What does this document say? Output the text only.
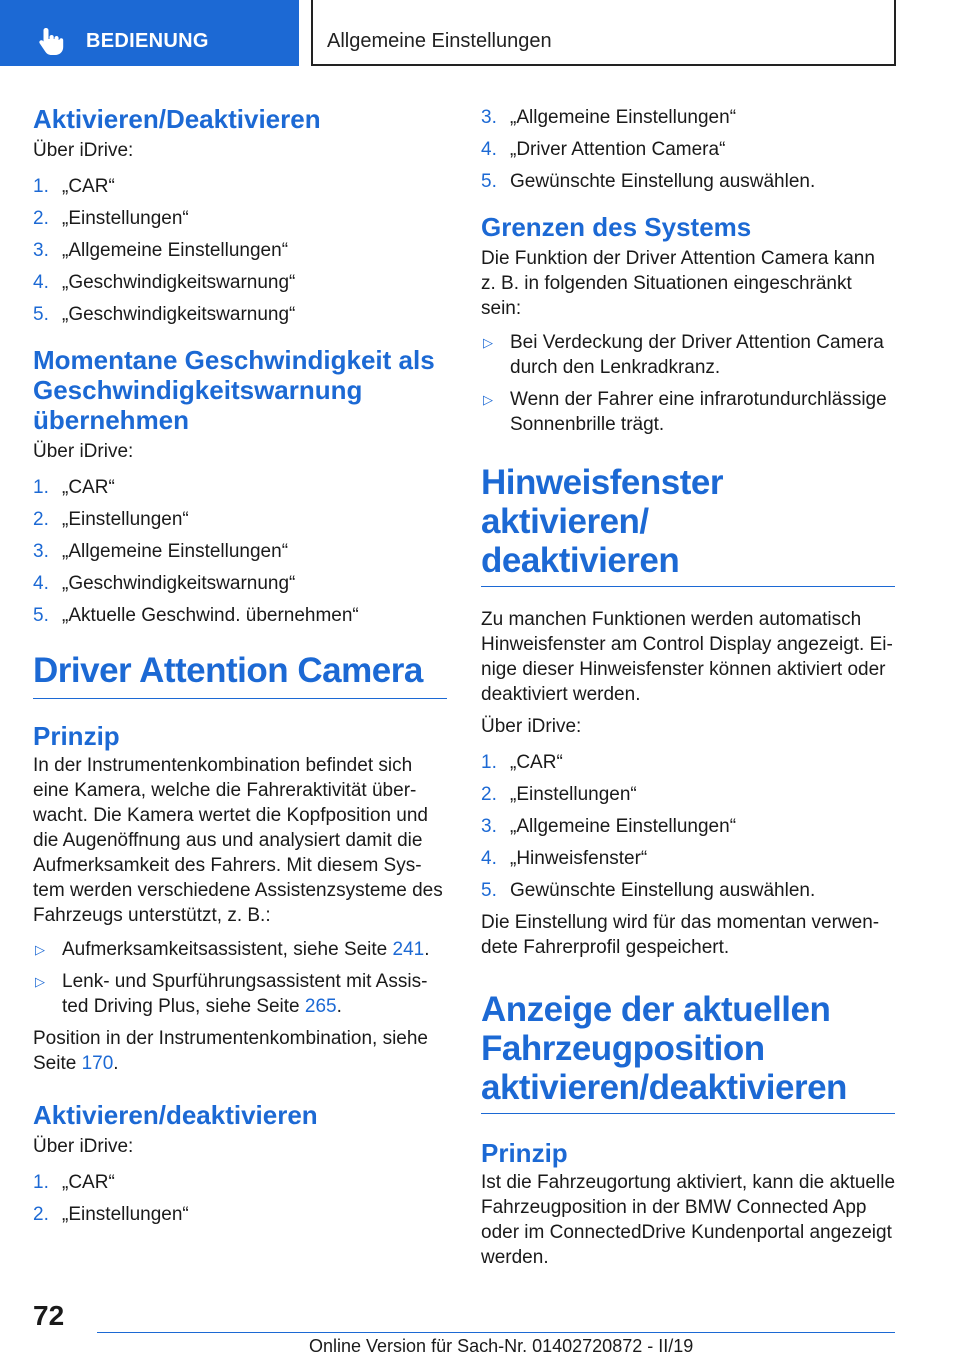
BEDIENUNG	Allgemeine Einstellungen
Aktivieren/Deaktivieren
Über iDrive:
1. „CAR“
2. „Einstellungen“
3. „Allgemeine Einstellungen“
4. „Geschwindigkeitswarnung“
5. „Geschwindigkeitswarnung“
Momentane Geschwindigkeit als
Geschwindigkeitswarnung
übernehmen
Über iDrive:
1. „CAR“
2. „Einstellungen“
3. „Allgemeine Einstellungen“
4. „Geschwindigkeitswarnung“
5. „Aktuelle Geschwind. übernehmen“
Driver Attention Camera
Prinzip
In der Instrumentenkombination befindet sich
eine Kamera, welche die Fahreraktivität über-
wacht. Die Kamera wertet die Kopfposition und
die Augenöffnung aus und analysiert damit die
Aufmerksamkeit des Fahrers. Mit diesem Sys-
tem werden verschiedene Assistenzsysteme des
Fahrzeugs unterstützt, z. B.:
▷ Aufmerksamkeitsassistent, siehe Seite 241.
▷ Lenk- und Spurführungsassistent mit Assis-
ted Driving Plus, siehe Seite 265.
Position in der Instrumentenkombination, siehe
Seite 170.
Aktivieren/deaktivieren
Über iDrive:
1. „CAR“
2. „Einstellungen“
3. „Allgemeine Einstellungen“
4. „Driver Attention Camera“
5. Gewünschte Einstellung auswählen.
Grenzen des Systems
Die Funktion der Driver Attention Camera kann
z. B. in folgenden Situationen eingeschränkt sein:
▷ Bei Verdeckung der Driver Attention Camera
durch den Lenkradkranz.
▷ Wenn der Fahrer eine infrarotundurchlässige
Sonnenbrille trägt.
Hinweisfenster aktivieren/
deaktivieren
Zu manchen Funktionen werden automatisch
Hinweisfenster am Control Display angezeigt. Ei-
nige dieser Hinweisfenster können aktiviert oder
deaktiviert werden.
Über iDrive:
1. „CAR“
2. „Einstellungen“
3. „Allgemeine Einstellungen“
4. „Hinweisfenster“
5. Gewünschte Einstellung auswählen.
Die Einstellung wird für das momentan verwen-
dete Fahrerprofil gespeichert.
Anzeige der aktuellen
Fahrzeugposition
aktivieren/deaktivieren
Prinzip
Ist die Fahrzeugortung aktiviert, kann die aktuelle
Fahrzeugposition in der BMW Connected App
oder im ConnectedDrive Kundenportal angezeigt
werden.
72
Online Version für Sach-Nr. 01402720872 - II/19
